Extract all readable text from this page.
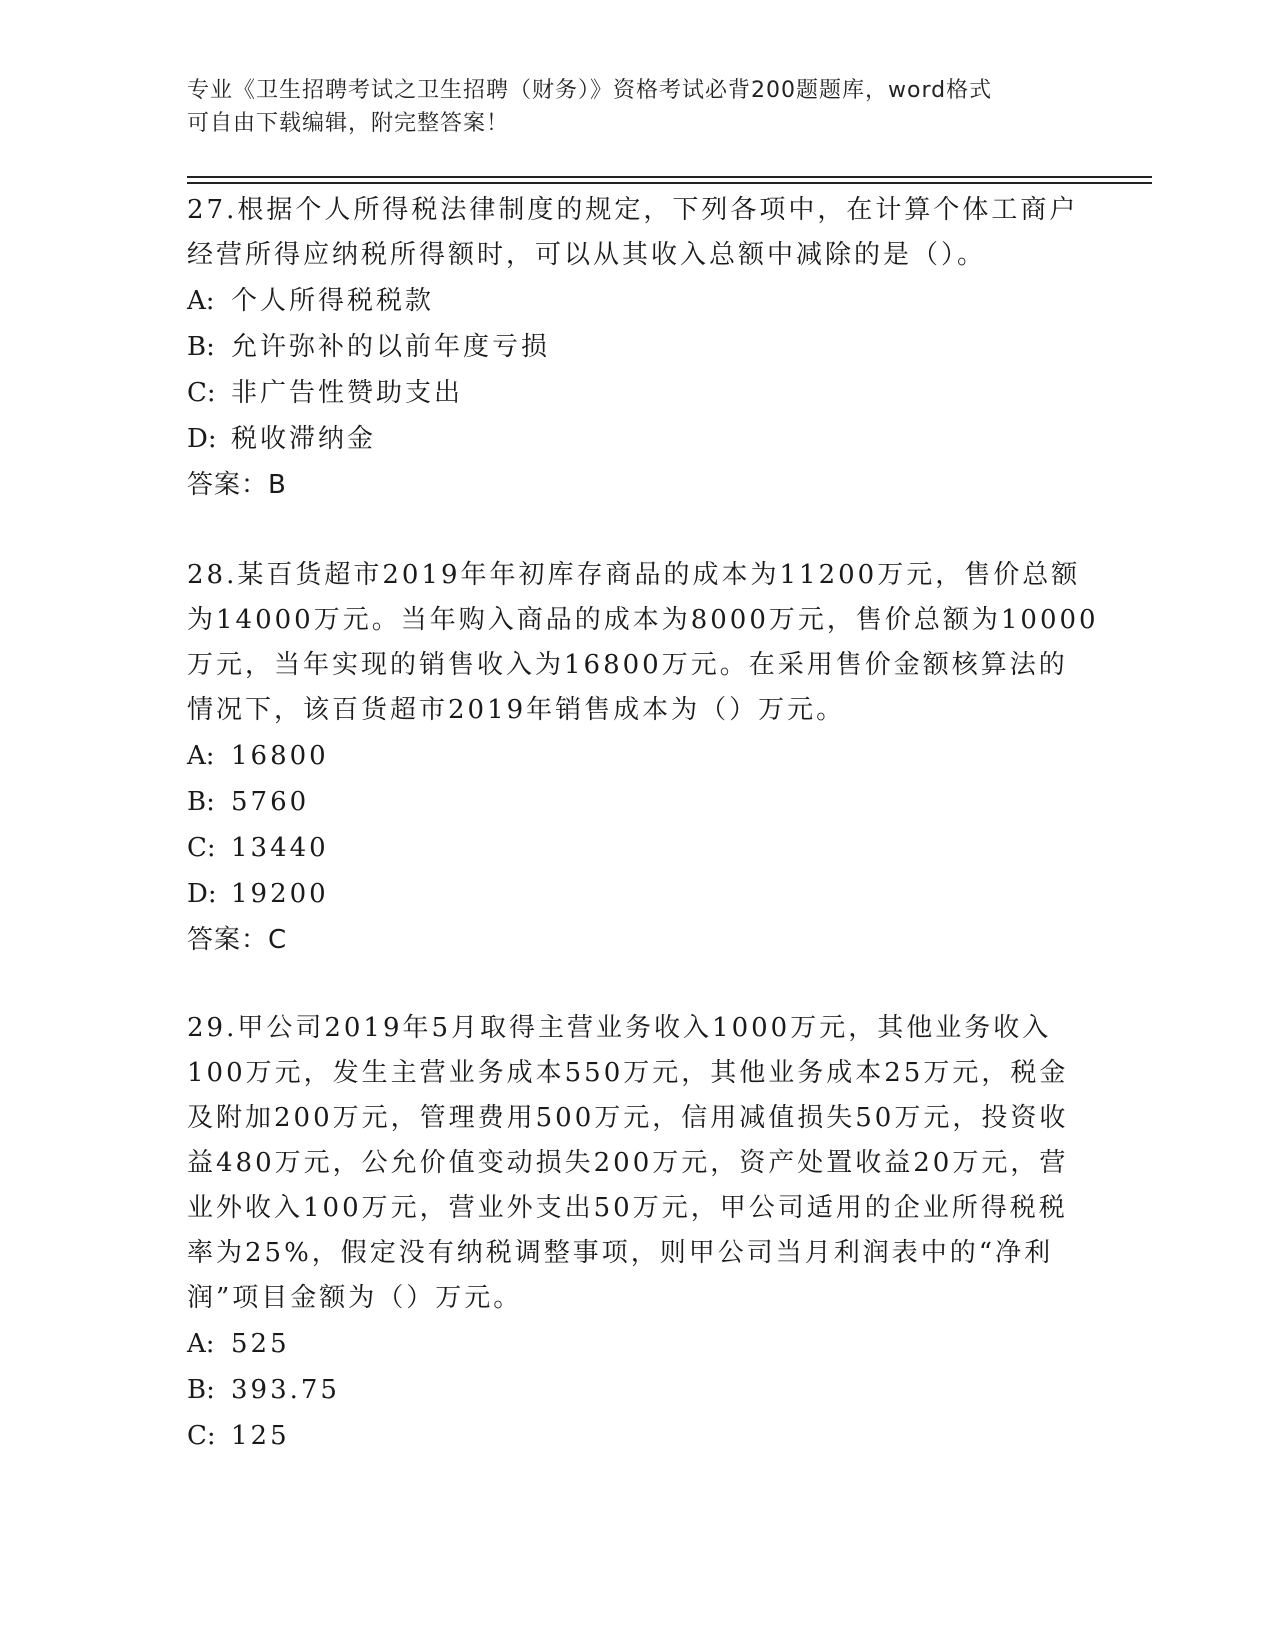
专业《卫生招聘考试之卫生招聘（财务）》资格考试必背200题题库，word格式
可自由下载编辑，附完整答案！
27.根据个人所得税法律制度的规定，下列各项中，在计算个体工商户
经营所得应纳税所得额时，可以从其收入总额中减除的是（）。
A: 个人所得税税款
B: 允许弥补的以前年度亏损
C: 非广告性赞助支出
D: 税收滞纳金
答案：B
28.某百货超市2019年年初库存商品的成本为11200万元，售价总额
为14000万元。当年购入商品的成本为8000万元，售价总额为10000
万元，当年实现的销售收入为16800万元。在采用售价金额核算法的
情况下，该百货超市2019年销售成本为（）万元。
A: 16800
B: 5760
C: 13440
D: 19200
答案：C
29.甲公司2019年5月取得主营业务收入1000万元，其他业务收入
100万元，发生主营业务成本550万元，其他业务成本25万元，税金
及附加200万元，管理费用500万元，信用减值损失50万元，投资收
益480万元，公允价值变动损失200万元，资产处置收益20万元，营
业外收入100万元，营业外支出50万元，甲公司适用的企业所得税税
率为25%，假定没有纳税调整事项，则甲公司当月利润表中的“净利
润”项目金额为（）万元。
A: 525
B: 393.75
C: 125
